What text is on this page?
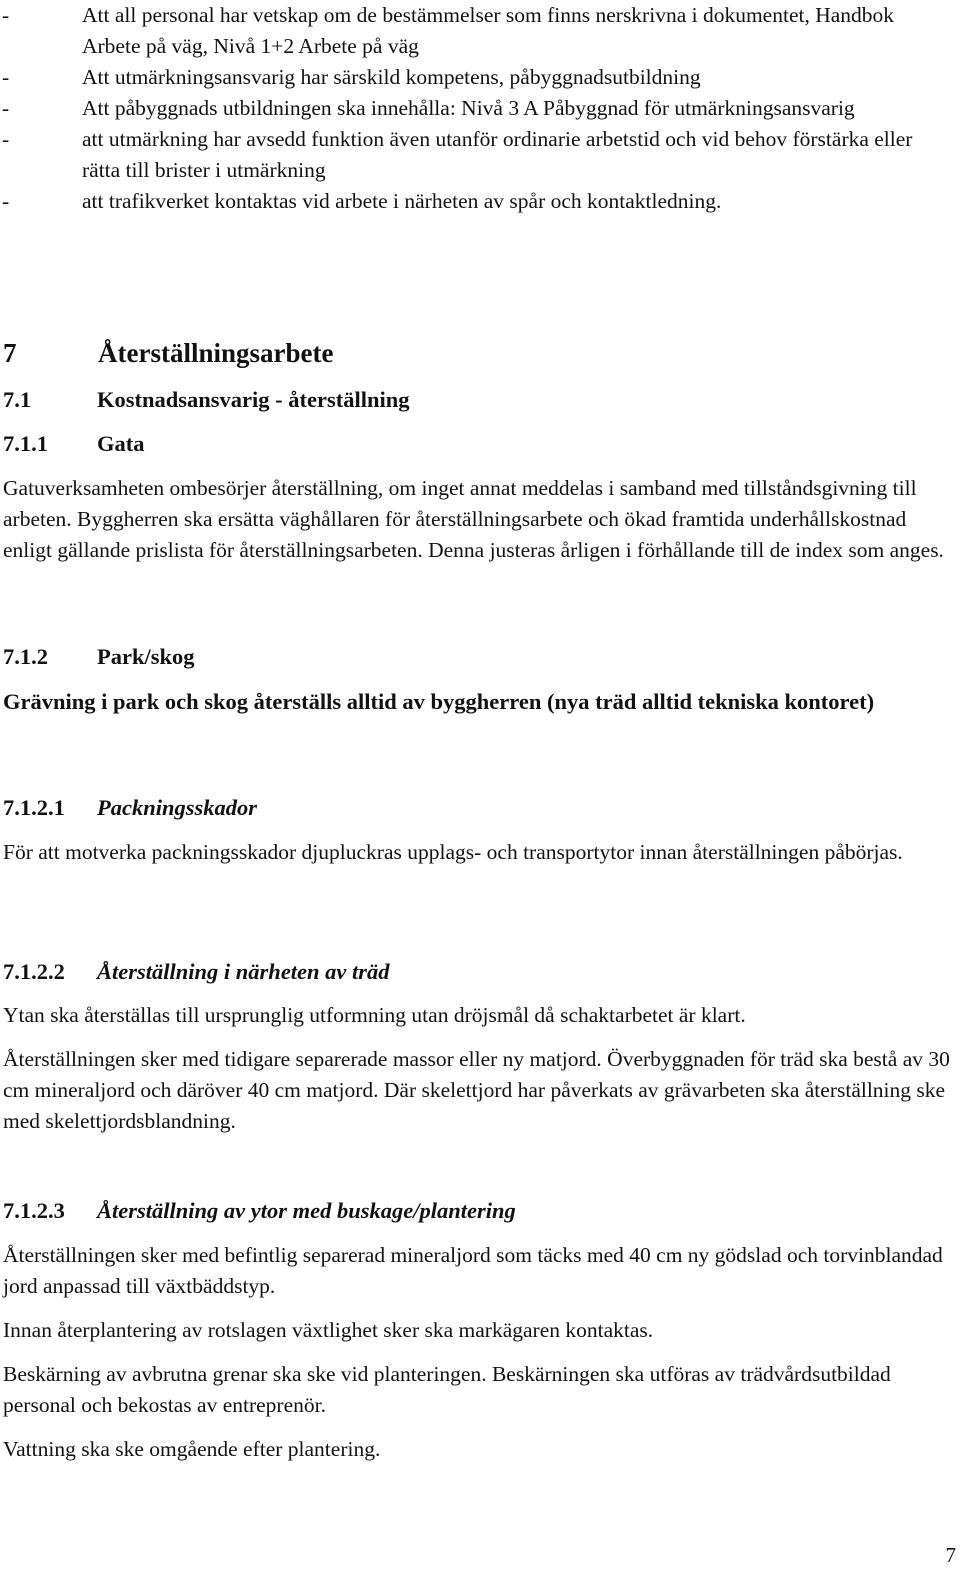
-	Att all personal har vetskap om de bestämmelser som finns nerskrivna i dokumentet, Handbok Arbete på väg, Nivå 1+2 Arbete på väg
-	Att utmärkningsansvarig har särskild kompetens, påbyggnadsutbildning
-	Att påbyggnads utbildningen ska innehålla: Nivå 3 A Påbyggnad för utmärkningsansvarig
-	att utmärkning har avsedd funktion även utanför ordinarie arbetstid och vid behov förstärka eller rätta till brister i utmärkning
-	att trafikverket kontaktas vid arbete i närheten av spår och kontaktledning.
7	Återställningsarbete
7.1	Kostnadsansvarig - återställning
7.1.1 Gata

Gatuverksamheten ombesörjer återställning, om inget annat meddelas i samband med tillståndsgivning till arbeten. Byggherren ska ersätta väghållaren för återställningsarbete och ökad framtida underhållskostnad enligt gällande prislista för återställningsarbeten. Denna justeras årligen i förhållande till de index som anges.

7.1.2 Park/skog

Grävning i park och skog återställs alltid av byggherren (nya träd alltid tekniska kontoret)

7.1.2.1 Packningsskador

För att motverka packningsskador djupluckras upplags- och transportytor innan återställningen påbörjas.

7.1.2.2 Återställning i närheten av träd

Ytan ska återställas till ursprunglig utformning utan dröjsmål då schaktarbetet är klart.

Återställningen sker med tidigare separerade massor eller ny matjord. Överbyggnaden för träd ska bestå av 30 cm mineraljord och däröver 40 cm matjord. Där skelettjord har påverkats av grävarbeten ska återställning ske med skelettjordsblandning.

7.1.2.3 Återställning av ytor med buskage/plantering

Återställningen sker med befintlig separerad mineraljord som täcks med 40 cm ny gödslad och torvinblandad jord anpassad till växtbäddstyp.

Innan återplantering av rotslagen växtlighet sker ska markägaren kontaktas.

Beskärning av avbrutna grenar ska ske vid planteringen. Beskärningen ska utföras av trädvårdsutbildad personal och bekostas av entreprenör.

Vattning ska ske omgående efter plantering.

7
